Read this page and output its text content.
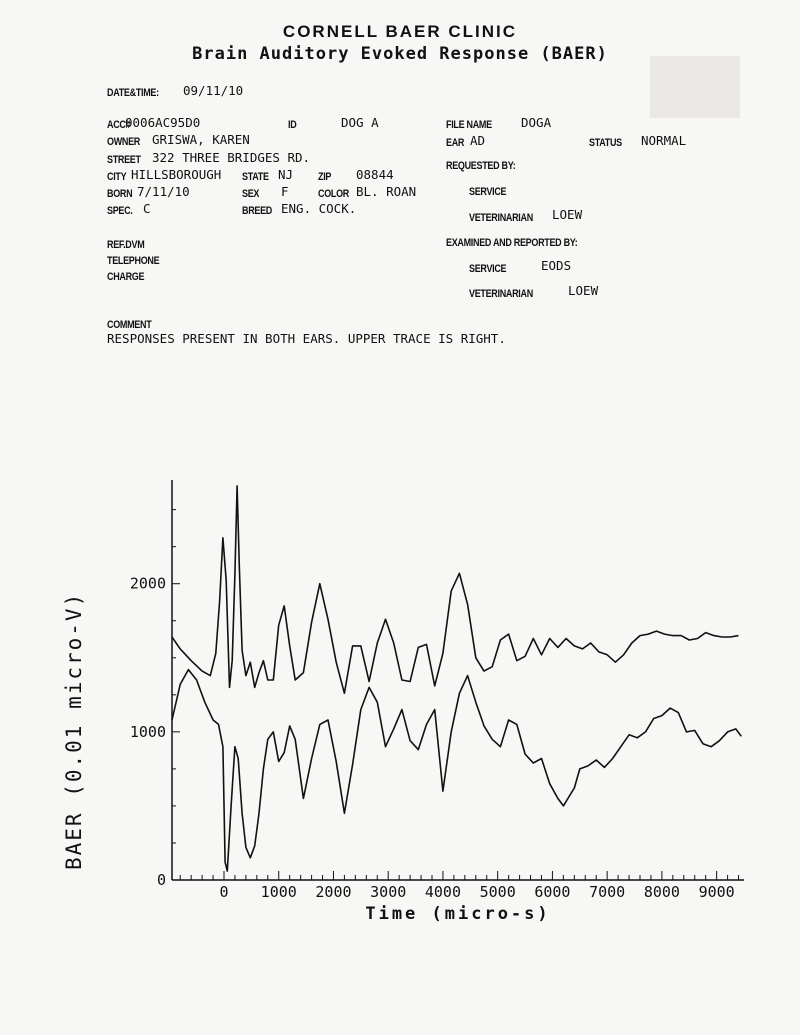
CORNELL BAER CLINIC
Brain Auditory Evoked Response (BAER)
DATE&TIME: 09/11/10
ACC#
0006AC95D0	ID	DOG A
OWNER GRISWA, KAREN
STREET 322 THREE BRIDGES RD.
CITY HILLSBOROUGH STATE NJ	ZIP 08844
BORN 7/11/10	SEX F	COLOR BL. ROAN
SPEC. C	BREED ENG. COCK.
REF.DVM
TELEPHONE
CHARGE
FILE NAME DOGA
EAR AD	STATUS NORMAL
REQUESTED BY:
SERVICE
VETERINARIAN LOEW
EXAMINED AND REPORTED BY:
SERVICE	EODS
VETERINARIAN	LOEW
COMMENT
RESPONSES PRESENT IN BOTH EARS. UPPER TRACE IS RIGHT.
0 1000 2000 3000 4000 5000 6000 7000 8000 9000
0
1000
2000
BAER (0.01 micro-V)
Time (micro-s)
